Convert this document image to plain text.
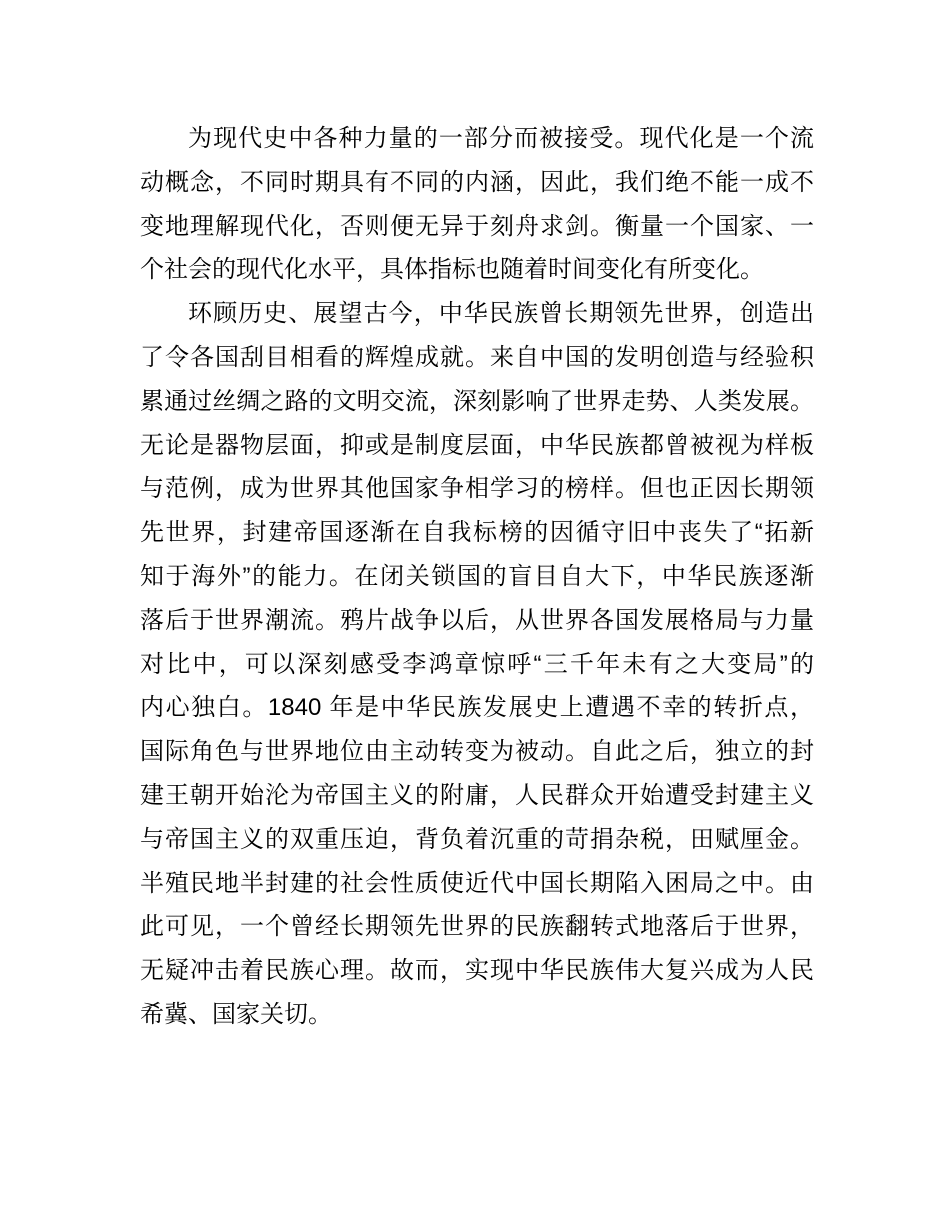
为现代史中各种力量的一部分而被接受。现代化是一个流
动概念，不同时期具有不同的内涵，因此，我们绝不能一成不
变地理解现代化，否则便无异于刻舟求剑。衡量一个国家、一
个社会的现代化水平，具体指标也随着时间变化有所变化。
环顾历史、展望古今，中华民族曾长期领先世界，创造出
了令各国刮目相看的辉煌成就。来自中国的发明创造与经验积
累通过丝绸之路的文明交流，深刻影响了世界走势、人类发展。
无论是器物层面，抑或是制度层面，中华民族都曾被视为样板
与范例，成为世界其他国家争相学习的榜样。但也正因长期领
先世界，封建帝国逐渐在自我标榜的因循守旧中丧失了“拓新
知于海外”的能力。在闭关锁国的盲目自大下，中华民族逐渐
落后于世界潮流。鸦片战争以后，从世界各国发展格局与力量
对比中，可以深刻感受李鸿章惊呼“三千年未有之大变局”的
内心独白。1840 年是中华民族发展史上遭遇不幸的转折点，
国际角色与世界地位由主动转变为被动。自此之后，独立的封
建王朝开始沦为帝国主义的附庸，人民群众开始遭受封建主义
与帝国主义的双重压迫，背负着沉重的苛捐杂税，田赋厘金。
半殖民地半封建的社会性质使近代中国长期陷入困局之中。由
此可见，一个曾经长期领先世界的民族翻转式地落后于世界，
无疑冲击着民族心理。故而，实现中华民族伟大复兴成为人民
希冀、国家关切。
